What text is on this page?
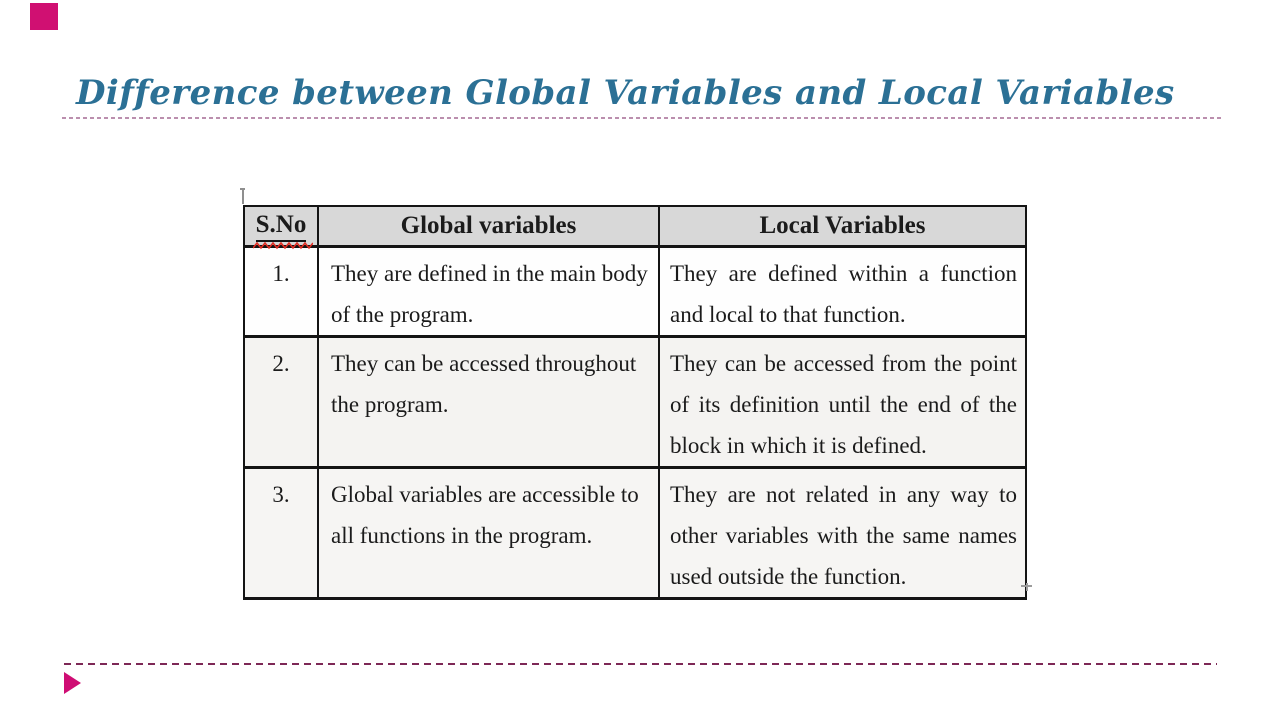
Difference between Global Variables and Local Variables
S.No	Global variables	Local Variables
1.	They are defined in the main body of the program.	They are defined within a function and local to that function.
2.	They can be accessed throughout the program.	They can be accessed from the point of its definition until the end of the block in which it is defined.
3.	Global variables are accessible to all functions in the program.	They are not related in any way to other variables with the same names used outside the function.
